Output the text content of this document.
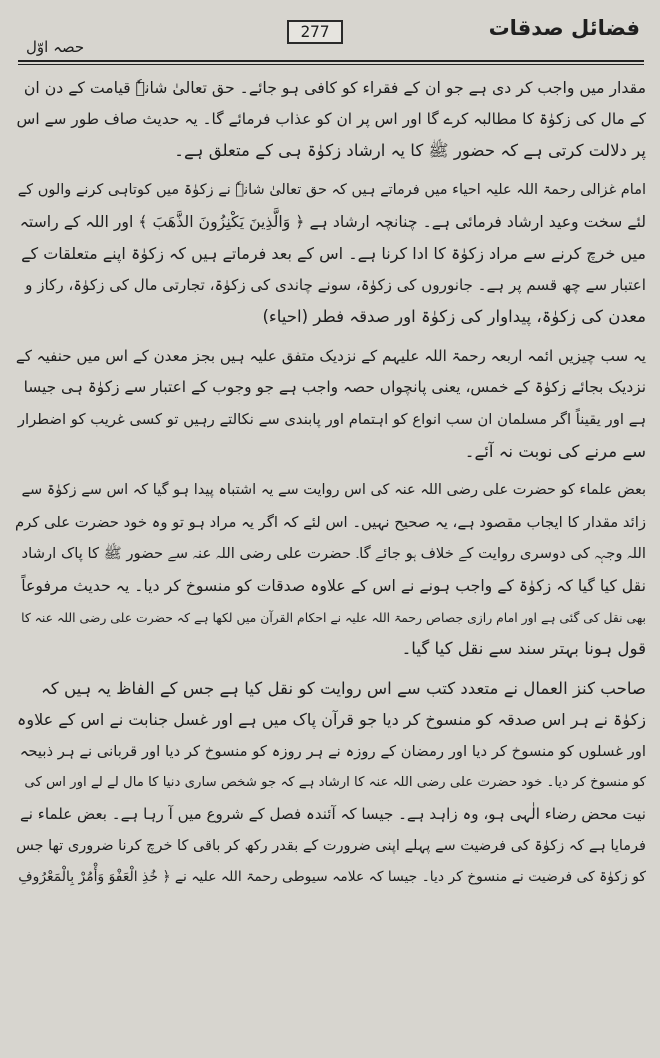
فضائل صدقات
277
حصہ اوّل
مقدار میں واجب کر دی ہے جو ان کے فقراء کو کافی ہو جائے۔ حق تعالیٰ شانہٗ قیامت کے دن ان
کے مال کی زکوٰۃ کا مطالبہ کرے گا اور اس پر ان کو عذاب فرمائے گا۔ یہ حدیث صاف طور سے اس
پر دلالت کرتی ہے کہ حضور ﷺ کا یہ ارشاد زکوٰۃ ہی کے متعلق ہے۔
امام غزالی رحمۃ اللہ علیہ احیاء میں فرماتے ہیں کہ حق تعالیٰ شانہٗ نے زکوٰۃ میں کوتاہی کرنے والوں کے
لئے سخت وعید ارشاد فرمائی ہے۔ چنانچہ ارشاد ہے ﴿ وَالَّذِينَ يَكْنِزُونَ الذَّهَبَ ﴾ اور اللہ کے راستہ
میں خرچ کرنے سے مراد زکوٰۃ کا ادا کرنا ہے۔ اس کے بعد فرماتے ہیں کہ زکوٰۃ اپنے متعلقات کے
اعتبار سے چھ قسم پر ہے۔ جانوروں کی زکوٰۃ، سونے چاندی کی زکوٰۃ، تجارتی مال کی زکوٰۃ، رکاز و
معدن کی زکوٰۃ، پیداوار کی زکوٰۃ اور صدقہ فطر (احیاء)
یہ سب چیزیں ائمہ اربعہ رحمۃ اللہ علیہم کے نزدیک متفق علیہ ہیں بجز معدن کے اس میں حنفیہ کے
نزدیک بجائے زکوٰۃ کے خمس، یعنی پانچواں حصہ واجب ہے جو وجوب کے اعتبار سے زکوٰۃ ہی جیسا
ہے اور یقیناً اگر مسلمان ان سب انواع کو اہتمام اور پابندی سے نکالتے رہیں تو کسی غریب کو اضطرار
سے مرنے کی نوبت نہ آئے۔
بعض علماء کو حضرت علی رضی اللہ عنہ کی اس روایت سے یہ اشتباہ پیدا ہو گیا کہ اس سے زکوٰۃ سے
زائد مقدار کا ایجاب مقصود ہے، یہ صحیح نہیں۔ اس لئے کہ اگر یہ مراد ہو تو وہ خود حضرت علی کرم
اللہ وجہہ کی دوسری روایت کے خلاف ہو جائے گا۔ حضرت علی رضی اللہ عنہ سے حضور ﷺ کا پاک ارشاد
نقل کیا گیا کہ زکوٰۃ کے واجب ہونے نے اس کے علاوہ صدقات کو منسوخ کر دیا۔ یہ حدیث مرفوعاً
بھی نقل کی گئی ہے اور امام رازی جصاص رحمۃ اللہ علیہ نے احکام القرآن میں لکھا ہے کہ حضرت علی رضی اللہ عنہ کا
قول ہونا بہتر سند سے نقل کیا گیا۔
صاحب کنز العمال نے متعدد کتب سے اس روایت کو نقل کیا ہے جس کے الفاظ یہ ہیں کہ
زکوٰۃ نے ہر اس صدقہ کو منسوخ کر دیا جو قرآن پاک میں ہے اور غسل جنابت نے اس کے علاوہ
اور غسلوں کو منسوخ کر دیا اور رمضان کے روزہ نے ہر روزہ کو منسوخ کر دیا اور قربانی نے ہر ذبیحہ
کو منسوخ کر دیا۔ خود حضرت علی رضی اللہ عنہ کا ارشاد ہے کہ جو شخص ساری دنیا کا مال لے لے اور اس کی
نیت محض رضاء الٰہی ہو، وہ زاہد ہے۔ جیسا کہ آئندہ فصل کے شروع میں آ رہا ہے۔ بعض علماء نے
فرمایا ہے کہ زکوٰۃ کی فرضیت سے پہلے اپنی ضرورت کے بقدر رکھ کر باقی کا خرچ کرنا ضروری تھا جس
کو زکوٰۃ کی فرضیت نے منسوخ کر دیا۔ جیسا کہ علامہ سیوطی رحمۃ اللہ علیہ نے ﴿ خُذِ الْعَفْوَ وَأْمُرْ بِالْمَعْرُوفِ
